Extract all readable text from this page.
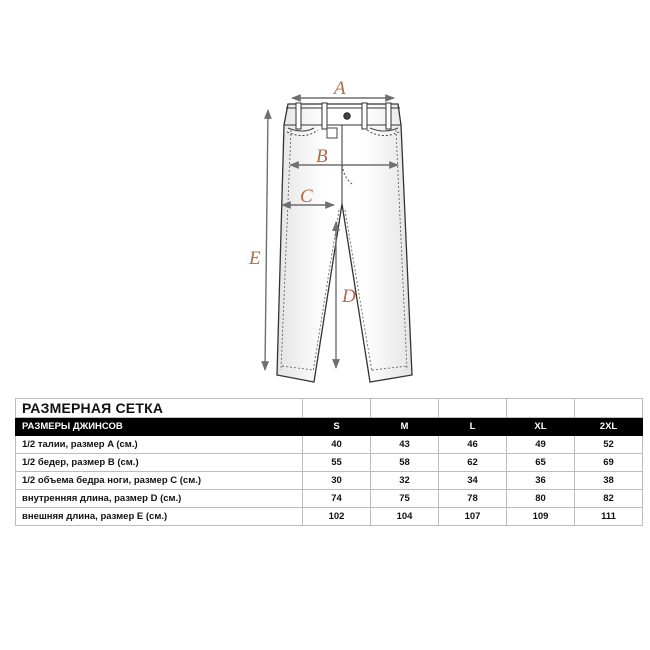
A
B
C
D
E
РАЗМЕРНАЯ СЕТКА					
РАЗМЕРЫ ДЖИНСОВ	S	M	L	XL	2XL
1/2 талии, размер A (см.)	40	43	46	49	52
1/2 бедер, размер B (см.)	55	58	62	65	69
1/2 объема бедра ноги, размер C (см.)	30	32	34	36	38
внутренняя длина, размер D (см.)	74	75	78	80	82
внешняя длина, размер E (см.)	102	104	107	109	111
